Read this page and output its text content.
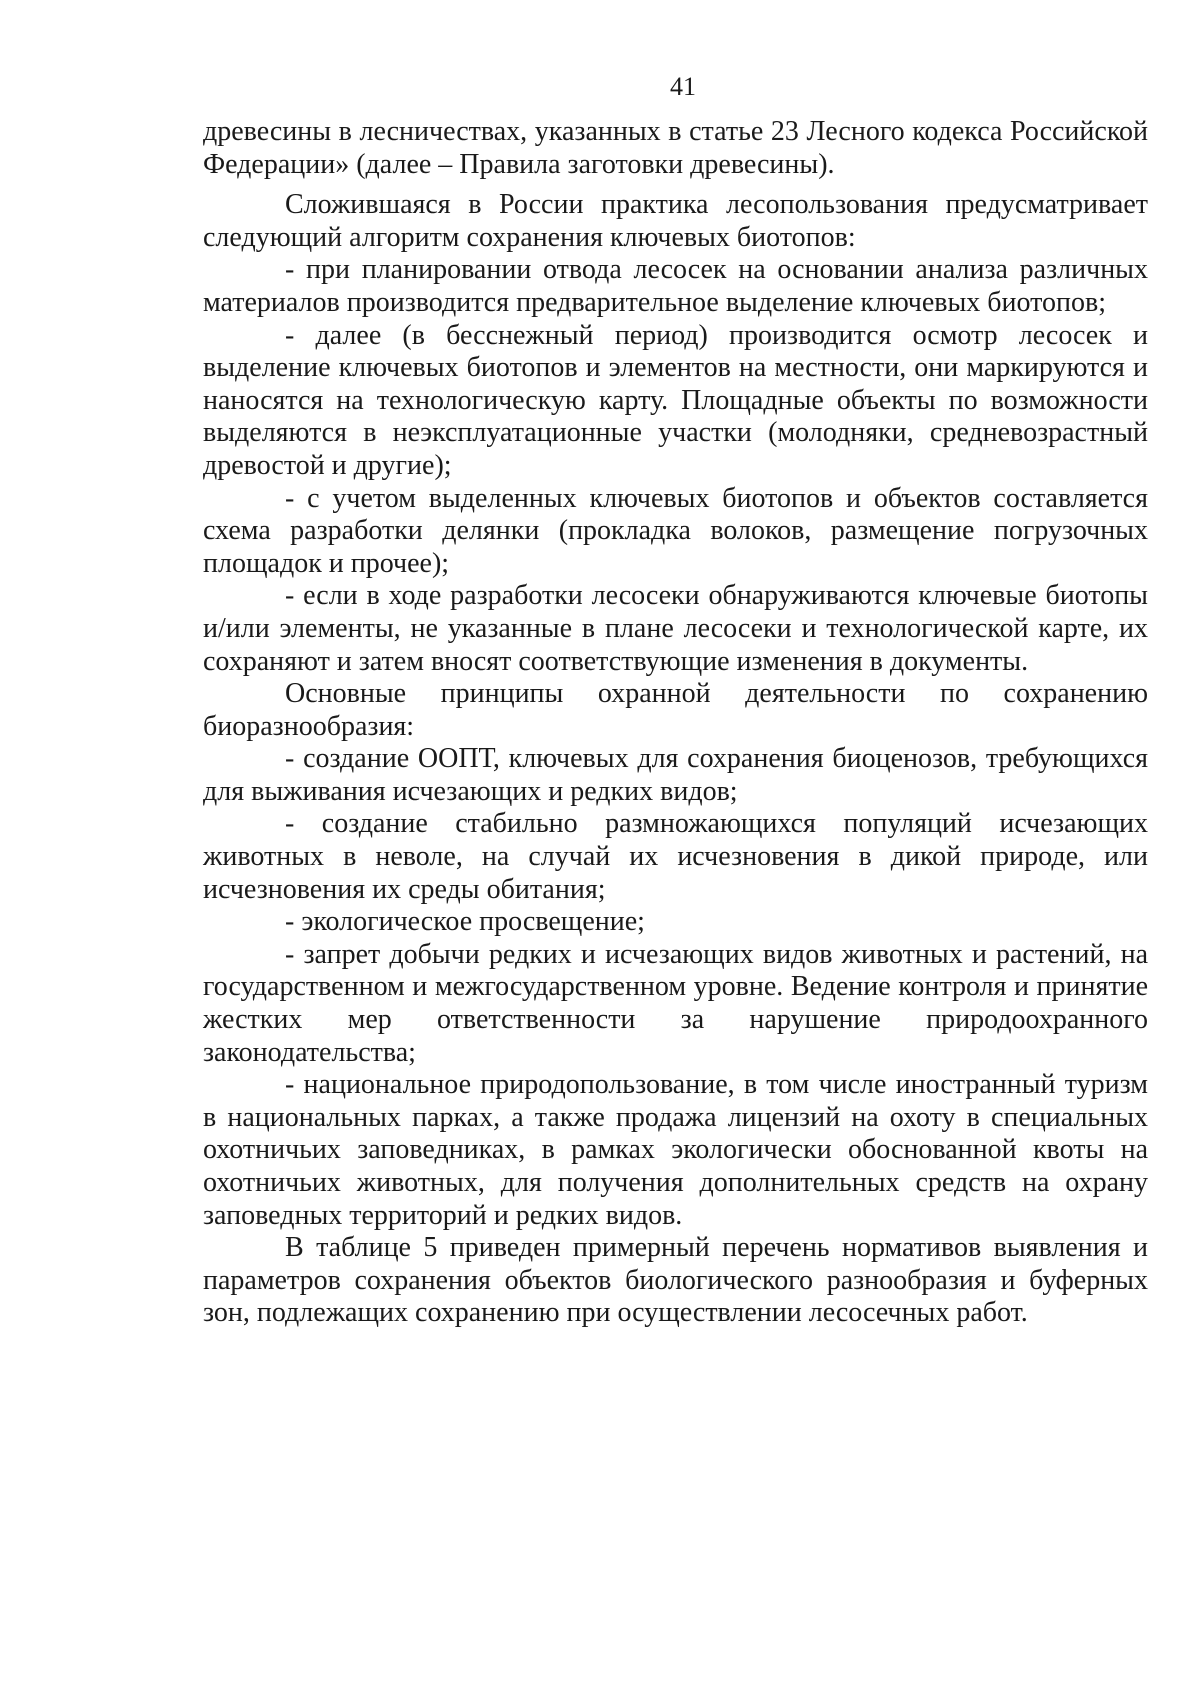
41

древесины в лесничествах, указанных в статье 23 Лесного кодекса Российской Федерации» (далее – Правила заготовки древесины).

Сложившаяся в России практика лесопользования предусматривает следующий алгоритм сохранения ключевых биотопов:

- при планировании отвода лесосек на основании анализа различных материалов производится предварительное выделение ключевых биотопов;

- далее (в бесснежный период) производится осмотр лесосек и выделение ключевых биотопов и элементов на местности, они маркируются и наносятся на технологическую карту. Площадные объекты по возможности выделяются в неэксплуатационные участки (молодняки, средневозрастный древостой и другие);

- с учетом выделенных ключевых биотопов и объектов составляется схема разработки делянки (прокладка волоков, размещение погрузочных площадок и прочее);

- если в ходе разработки лесосеки обнаруживаются ключевые биотопы и/или элементы, не указанные в плане лесосеки и технологической карте, их сохраняют и затем вносят соответствующие изменения в документы.

Основные принципы охранной деятельности по сохранению биоразнообразия:

- создание ООПТ, ключевых для сохранения биоценозов, требующихся для выживания исчезающих и редких видов;

- создание стабильно размножающихся популяций исчезающих животных в неволе, на случай их исчезновения в дикой природе, или исчезновения их среды обитания;

- экологическое просвещение;

- запрет добычи редких и исчезающих видов животных и растений, на государственном и межгосударственном уровне. Ведение контроля и принятие жестких мер ответственности за нарушение природоохранного законодательства;

- национальное природопользование, в том числе иностранный туризм в национальных парках, а также продажа лицензий на охоту в специальных охотничьих заповедниках, в рамках экологически обоснованной квоты на охотничьих животных, для получения дополнительных средств на охрану заповедных территорий и редких видов.

В таблице 5 приведен примерный перечень нормативов выявления и параметров сохранения объектов биологического разнообразия и буферных зон, подлежащих сохранению при осуществлении лесосечных работ.
